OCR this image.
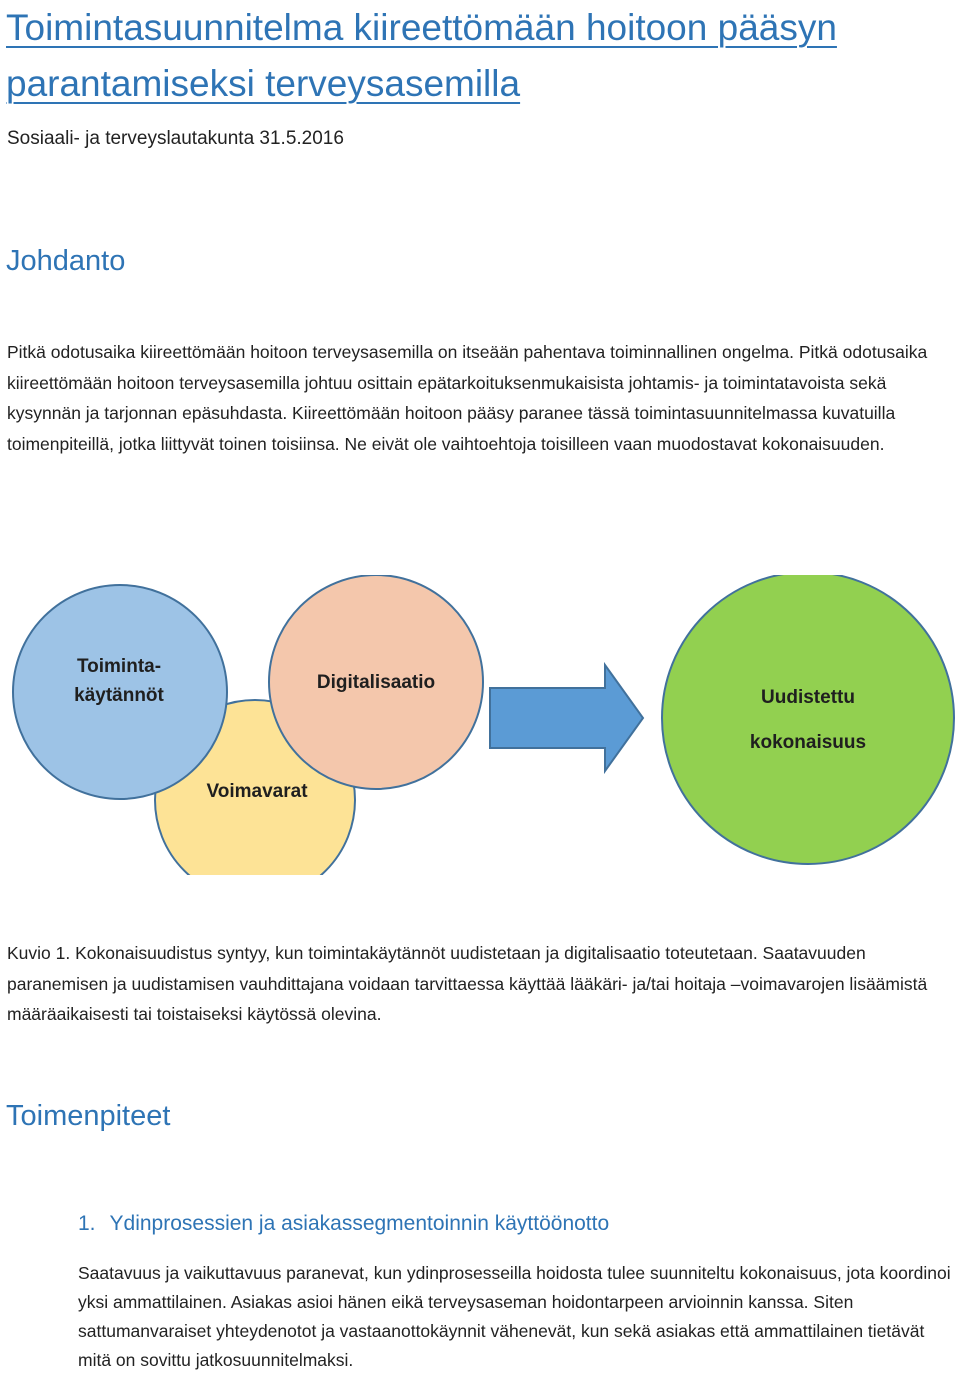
Toimintasuunnitelma kiireettömään hoitoon pääsyn parantamiseksi terveysasemilla
Sosiaali- ja terveyslautakunta 31.5.2016
Johdanto

Pitkä odotusaika kiireettömään hoitoon terveysasemilla on itseään pahentava toiminnallinen ongelma. Pitkä odotusaika kiireettömään hoitoon terveysasemilla johtuu osittain epätarkoituksenmukaisista johtamis- ja toimintatavoista sekä kysynnän ja tarjonnan epäsuhdasta. Kiireettömään hoitoon pääsy paranee tässä toimintasuunnitelmassa kuvatuilla toimenpiteillä, jotka liittyvät toinen toisiinsa. Ne eivät ole vaihtoehtoja toisilleen vaan muodostavat kokonaisuuden.

Toiminta-
käytännöt
Digitalisaatio
Voimavarat
Uudistettu
kokonaisuus

Kuvio 1. Kokonaisuudistus syntyy, kun toimintakäytännöt uudistetaan ja digitalisaatio toteutetaan. Saatavuuden paranemisen ja uudistamisen vauhdittajana voidaan tarvittaessa käyttää lääkäri- ja/tai hoitaja –voimavarojen lisäämistä määräaikaisesti tai toistaiseksi käytössä olevina.

Toimenpiteet
1. Ydinprosessien ja asiakassegmentoinnin käyttöönotto

Saatavuus ja vaikuttavuus paranevat, kun ydinprosesseilla hoidosta tulee suunniteltu kokonaisuus, jota koordinoi yksi ammattilainen. Asiakas asioi hänen eikä terveysaseman hoidontarpeen arvioinnin kanssa. Siten sattumanvaraiset yhteydenotot ja vastaanottokäynnit vähenevät, kun sekä asiakas että ammattilainen tietävät mitä on sovittu jatkosuunnitelmaksi.
